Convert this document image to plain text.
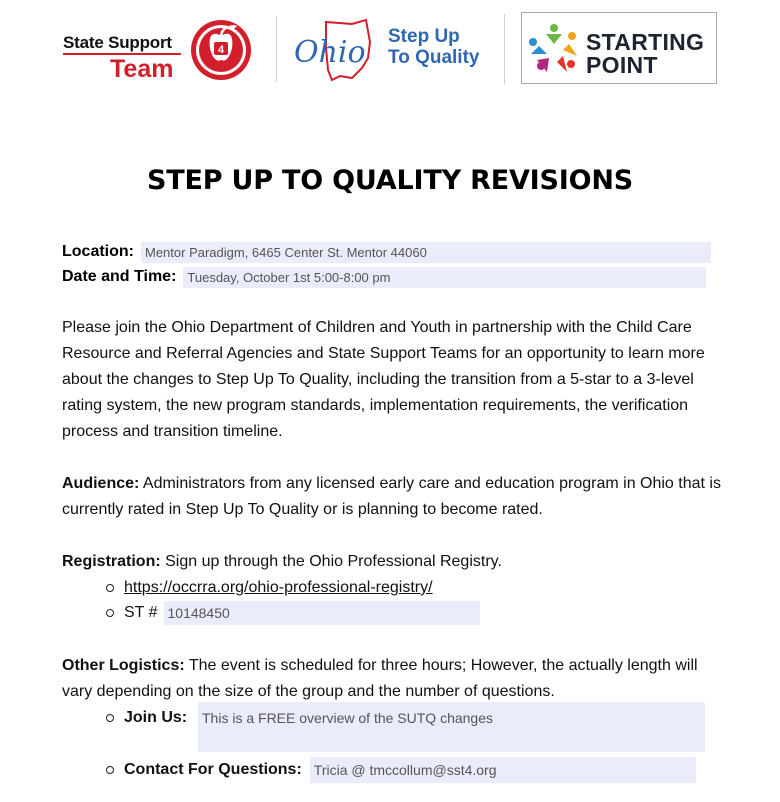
State Support
Team
4 Ohio Step Up
To Quality
STARTING
POINT
STEP UP TO QUALITY REVISIONS
Location: Mentor Paradigm, 6465 Center St. Mentor 44060
Date and Time: Tuesday, October 1st 5:00-8:00 pm
Please join the Ohio Department of Children and Youth in partnership with the Child Care Resource and Referral Agencies and State Support Teams for an opportunity to learn more about the changes to Step Up To Quality, including the transition from a 5-star to a 3-level rating system, the new program standards, implementation requirements, the verification process and transition timeline.
Audience: Administrators from any licensed early care and education program in Ohio that is currently rated in Step Up To Quality or is planning to become rated.
Registration: Sign up through the Ohio Professional Registry.
https://occrra.org/ohio-professional-registry/
ST # 10148450
Other Logistics: The event is scheduled for three hours; However, the actually length will vary depending on the size of the group and the number of questions.
Join Us: This is a FREE overview of the SUTQ changes
Contact For Questions: Tricia @ tmccollum@sst4.org
